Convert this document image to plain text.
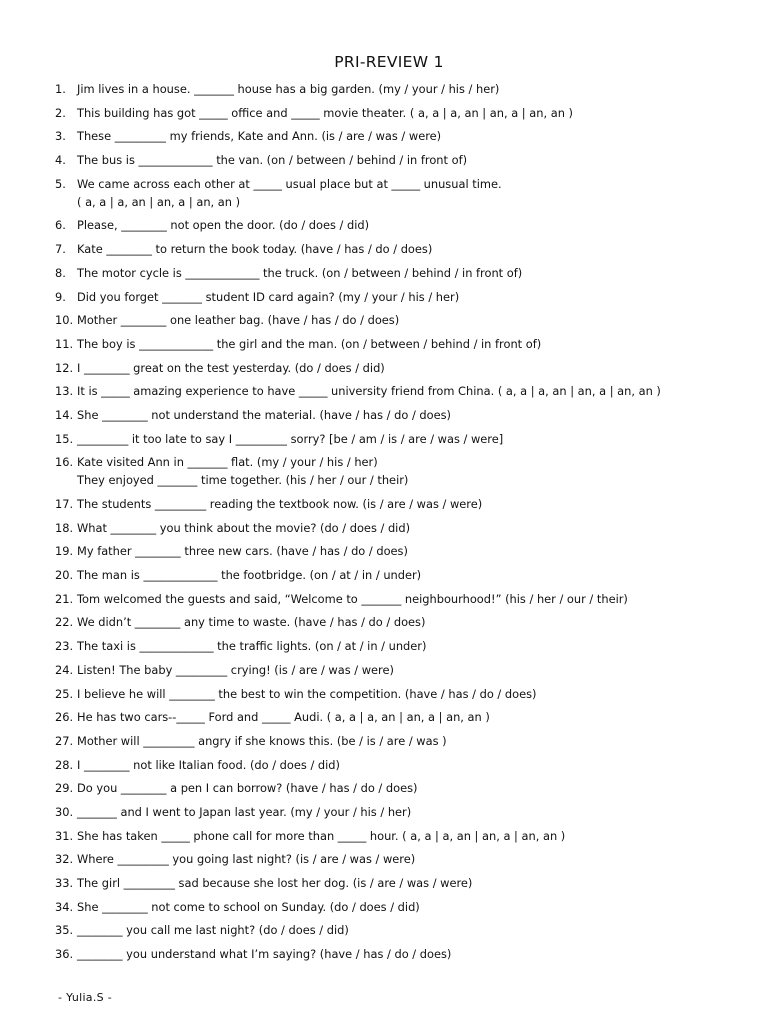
PRI-REVIEW 1
1. Jim lives in a house. _______ house has a big garden. (my / your / his / her)
2. This building has got _____ office and _____ movie theater. ( a, a | a, an | an, a | an, an )
3. These _________ my friends, Kate and Ann. (is / are / was / were)
4. The bus is _____________ the van. (on / between / behind / in front of)
5. We came across each other at _____ usual place but at _____ unusual time.
( a, a | a, an | an, a | an, an )
6. Please, ________ not open the door. (do / does / did)
7. Kate ________ to return the book today. (have / has / do / does)
8. The motor cycle is _____________ the truck. (on / between / behind / in front of)
9. Did you forget _______ student ID card again? (my / your / his / her)
10. Mother ________ one leather bag. (have / has / do / does)
11. The boy is _____________ the girl and the man. (on / between / behind / in front of)
12. I ________ great on the test yesterday. (do / does / did)
13. It is _____ amazing experience to have _____ university friend from China. ( a, a | a, an | an, a | an, an )
14. She ________ not understand the material. (have / has / do / does)
15. _________ it too late to say I _________ sorry? [be / am / is / are / was / were]
16. Kate visited Ann in _______ flat. (my / your / his / her)
They enjoyed _______ time together. (his / her / our / their)
17. The students _________ reading the textbook now. (is / are / was / were)
18. What ________ you think about the movie? (do / does / did)
19. My father ________ three new cars. (have / has / do / does)
20. The man is _____________ the footbridge. (on / at / in / under)
21. Tom welcomed the guests and said, “Welcome to _______ neighbourhood!” (his / her / our / their)
22. We didn’t ________ any time to waste. (have / has / do / does)
23. The taxi is _____________ the traffic lights. (on / at / in / under)
24. Listen! The baby _________ crying! (is / are / was / were)
25. I believe he will ________ the best to win the competition. (have / has / do / does)
26. He has two cars--_____ Ford and _____ Audi. ( a, a | a, an | an, a | an, an )
27. Mother will _________ angry if she knows this. (be / is / are / was )
28. I ________ not like Italian food. (do / does / did)
29. Do you ________ a pen I can borrow? (have / has / do / does)
30. _______ and I went to Japan last year. (my / your / his / her)
31. She has taken _____ phone call for more than _____ hour. ( a, a | a, an | an, a | an, an )
32. Where _________ you going last night? (is / are / was / were)
33. The girl _________ sad because she lost her dog. (is / are / was / were)
34. She ________ not come to school on Sunday. (do / does / did)
35. ________ you call me last night? (do / does / did)
36. ________ you understand what I’m saying? (have / has / do / does)
- Yulia.S -
